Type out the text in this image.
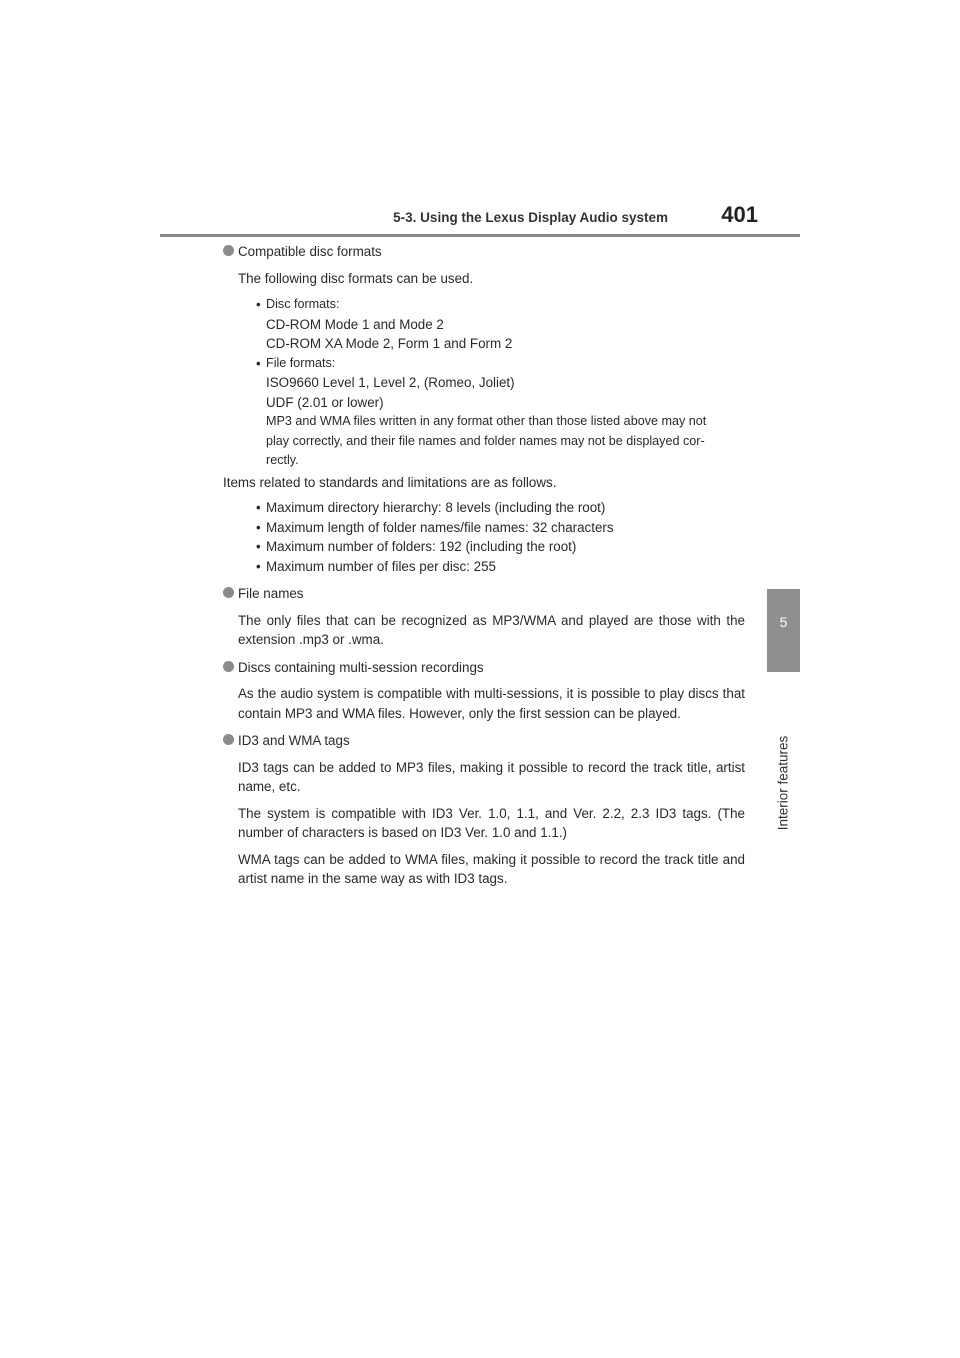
5-3. Using the Lexus Display Audio system 401
5
Interior features
Compatible disc formats

The following disc formats can be used.

• Disc formats:
CD-ROM Mode 1 and Mode 2
CD-ROM XA Mode 2, Form 1 and Form 2
• File formats:
ISO9660 Level 1, Level 2, (Romeo, Joliet)
UDF (2.01 or lower)
MP3 and WMA files written in any format other than those listed above may not
play correctly, and their file names and folder names may not be displayed cor-
rectly.
Items related to standards and limitations are as follows.
• Maximum directory hierarchy: 8 levels (including the root)
• Maximum length of folder names/file names: 32 characters
• Maximum number of folders: 192 (including the root)
• Maximum number of files per disc: 255
File names

The only files that can be recognized as MP3/WMA and played are those with the extension .mp3 or .wma.

Discs containing multi-session recordings

As the audio system is compatible with multi-sessions, it is possible to play discs that contain MP3 and WMA files. However, only the first session can be played.

ID3 and WMA tags

ID3 tags can be added to MP3 files, making it possible to record the track title, artist name, etc.

The system is compatible with ID3 Ver. 1.0, 1.1, and Ver. 2.2, 2.3 ID3 tags. (The number of characters is based on ID3 Ver. 1.0 and 1.1.)

WMA tags can be added to WMA files, making it possible to record the track title and artist name in the same way as with ID3 tags.
